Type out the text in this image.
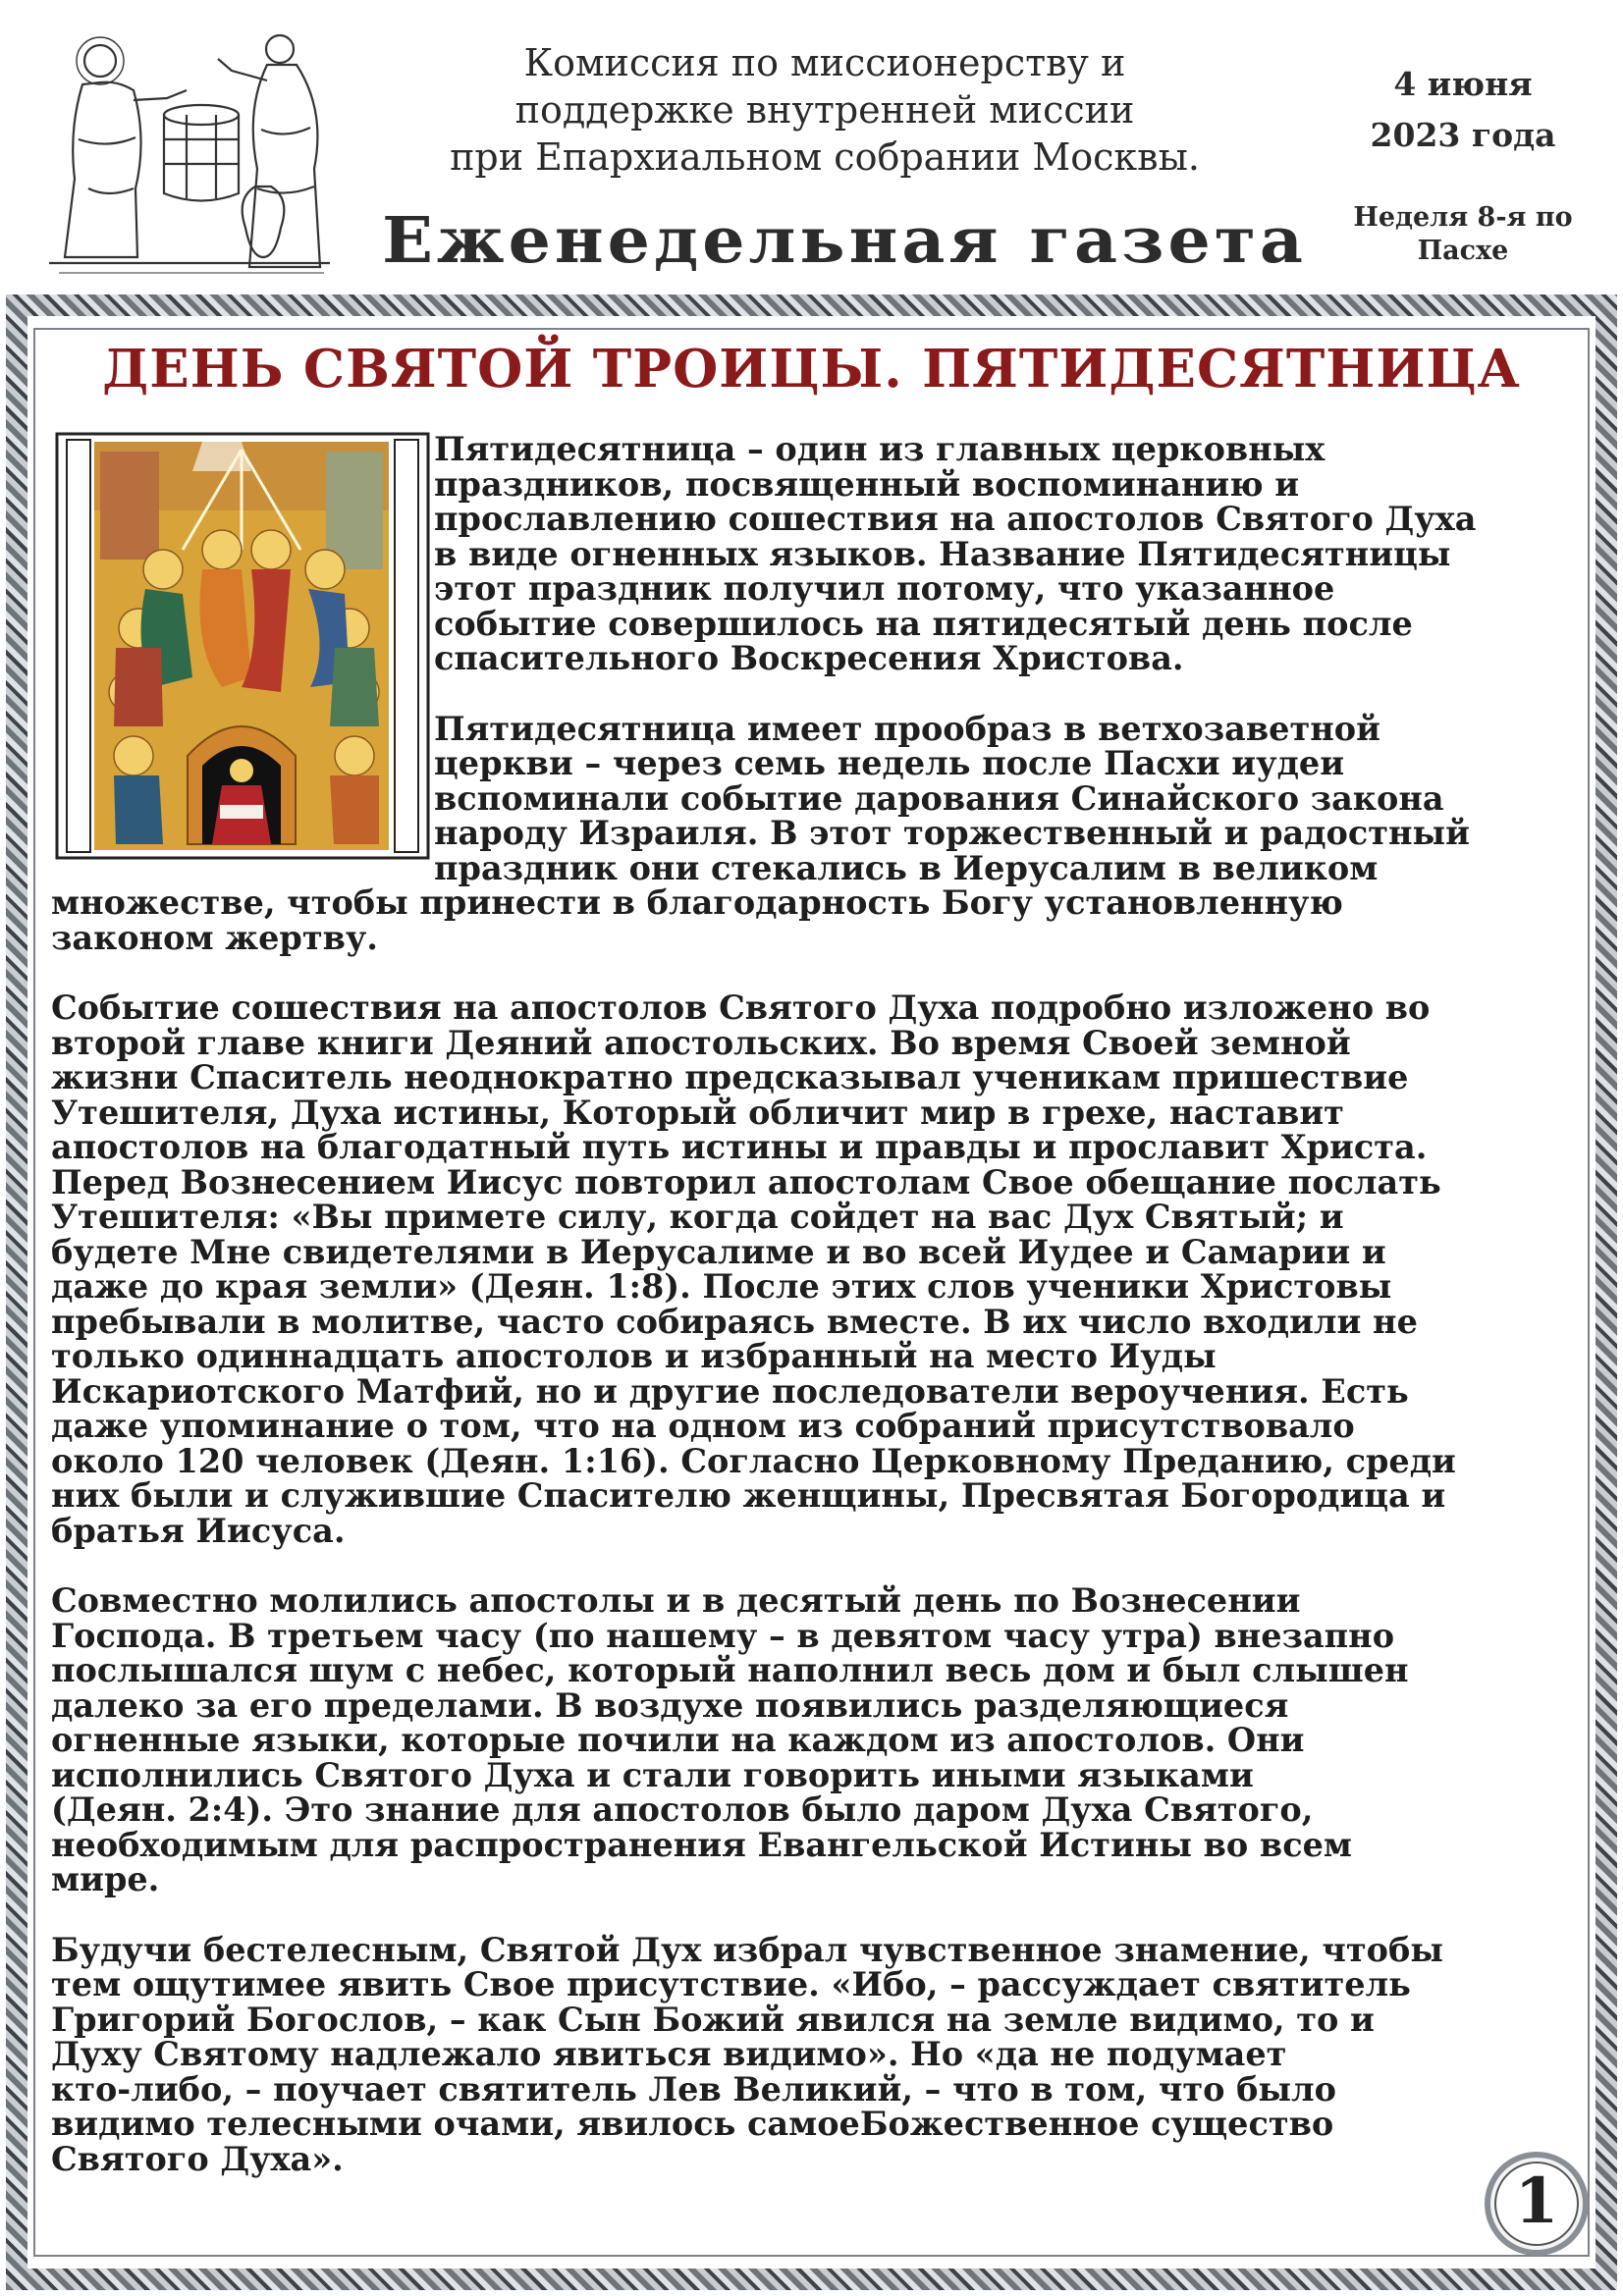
Комиссия по миссионерству и
поддержке внутренней миссии
при Епархиальном собрании Москвы.
Еженедельная газета
4 июня
2023 года
Неделя 8-я по
Пасхе
ДЕНЬ СВЯТОЙ ТРОИЦЫ. ПЯТИДЕСЯТНИЦА

Пятидесятница – один из главных церковных
праздников, посвященный воспоминанию и
прославлению сошествия на апостолов Святого Духа
в виде огненных языков. Название Пятидесятницы
этот праздник получил потому, что указанное
событие совершилось на пятидесятый день после
спасительного Воскресения Христова.

Пятидесятница имеет прообраз в ветхозаветной
церкви – через семь недель после Пасхи иудеи
вспоминали событие дарования Синайского закона
народу Израиля. В этот торжественный и радостный
праздник они стекались в Иерусалим в великом
множестве, чтобы принести в благодарность Богу установленную
законом жертву.

Событие сошествия на апостолов Святого Духа подробно изложено во
второй главе книги Деяний апостольских. Во время Своей земной
жизни Спаситель неоднократно предсказывал ученикам пришествие
Утешителя, Духа истины, Который обличит мир в грехе, наставит
апостолов на благодатный путь истины и правды и прославит Христа.
Перед Вознесением Иисус повторил апостолам Свое обещание послать
Утешителя: «Вы примете силу, когда сойдет на вас Дух Святый; и
будете Мне свидетелями в Иерусалиме и во всей Иудее и Самарии и
даже до края земли» (Деян. 1:8). После этих слов ученики Христовы
пребывали в молитве, часто собираясь вместе. В их число входили не
только одиннадцать апостолов и избранный на место Иуды
Искариотского Матфий, но и другие последователи вероучения. Есть
даже упоминание о том, что на одном из собраний присутствовало
около 120 человек (Деян. 1:16). Согласно Церковному Преданию, среди
них были и служившие Спасителю женщины, Пресвятая Богородица и
братья Иисуса.

Совместно молились апостолы и в десятый день по Вознесении
Господа. В третьем часу (по нашему – в девятом часу утра) внезапно
послышался шум с небес, который наполнил весь дом и был слышен
далеко за его пределами. В воздухе появились разделяющиеся
огненные языки, которые почили на каждом из апостолов. Они
исполнились Святого Духа и стали говорить иными языками
(Деян. 2:4). Это знание для апостолов было даром Духа Святого,
необходимым для распространения Евангельской Истины во всем
мире.

Будучи бестелесным, Святой Дух избрал чувственное знамение, чтобы
тем ощутимее явить Свое присутствие. «Ибо, – рассуждает святитель
Григорий Богослов, – как Сын Божий явился на земле видимо, то и
Духу Святому надлежало явиться видимо». Но «да не подумает
кто-либо, – поучает святитель Лев Великий, – что в том, что было
видимо телесными очами, явилось самоеБожественное существо
Святого Духа».

1
